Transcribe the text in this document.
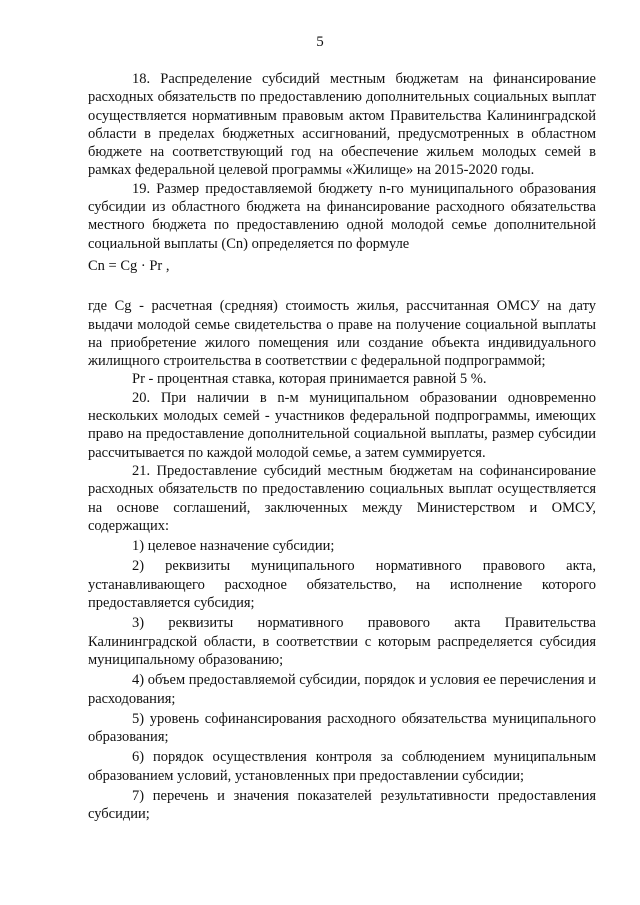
5

18. Распределение субсидий местным бюджетам на финансирование расходных обязательств по предоставлению дополнительных социальных выплат осуществляется нормативным правовым актом Правительства Калининградской области в пределах бюджетных ассигнований, предусмотренных в областном бюджете на соответствующий год на обеспечение жильем молодых семей в рамках федеральной целевой программы «Жилище» на 2015-2020 годы.

19. Размер предоставляемой бюджету n-го муниципального образования субсидии из областного бюджета на финансирование расходного обязательства местного бюджета по предоставлению одной молодой семье дополнительной социальной выплаты (Cn) определяется по формуле

Cn = Cg · Pr ,

где Cg - расчетная (средняя) стоимость жилья, рассчитанная ОМСУ на дату выдачи молодой семье свидетельства о праве на получение социальной выплаты на приобретение жилого помещения или создание объекта индивидуального жилищного строительства в соответствии с федеральной подпрограммой;

Pr - процентная ставка, которая принимается равной 5 %.

20. При наличии в n-м муниципальном образовании одновременно нескольких молодых семей - участников федеральной подпрограммы, имеющих право на предоставление дополнительной социальной выплаты, размер субсидии рассчитывается по каждой молодой семье, а затем суммируется.

21. Предоставление субсидий местным бюджетам на софинансирование расходных обязательств по предоставлению социальных выплат осуществляется на основе соглашений, заключенных между Министерством и ОМСУ, содержащих:

1) целевое назначение субсидии;

2) реквизиты муниципального нормативного правового акта, устанавливающего расходное обязательство, на исполнение которого предоставляется субсидия;

3) реквизиты нормативного правового акта Правительства Калининградской области, в соответствии с которым распределяется субсидия муниципальному образованию;

4) объем предоставляемой субсидии, порядок и условия ее перечисления и расходования;

5) уровень софинансирования расходного обязательства муниципального образования;

6) порядок осуществления контроля за соблюдением муниципальным образованием условий, установленных при предоставлении субсидии;

7) перечень и значения показателей результативности предоставления субсидии;
